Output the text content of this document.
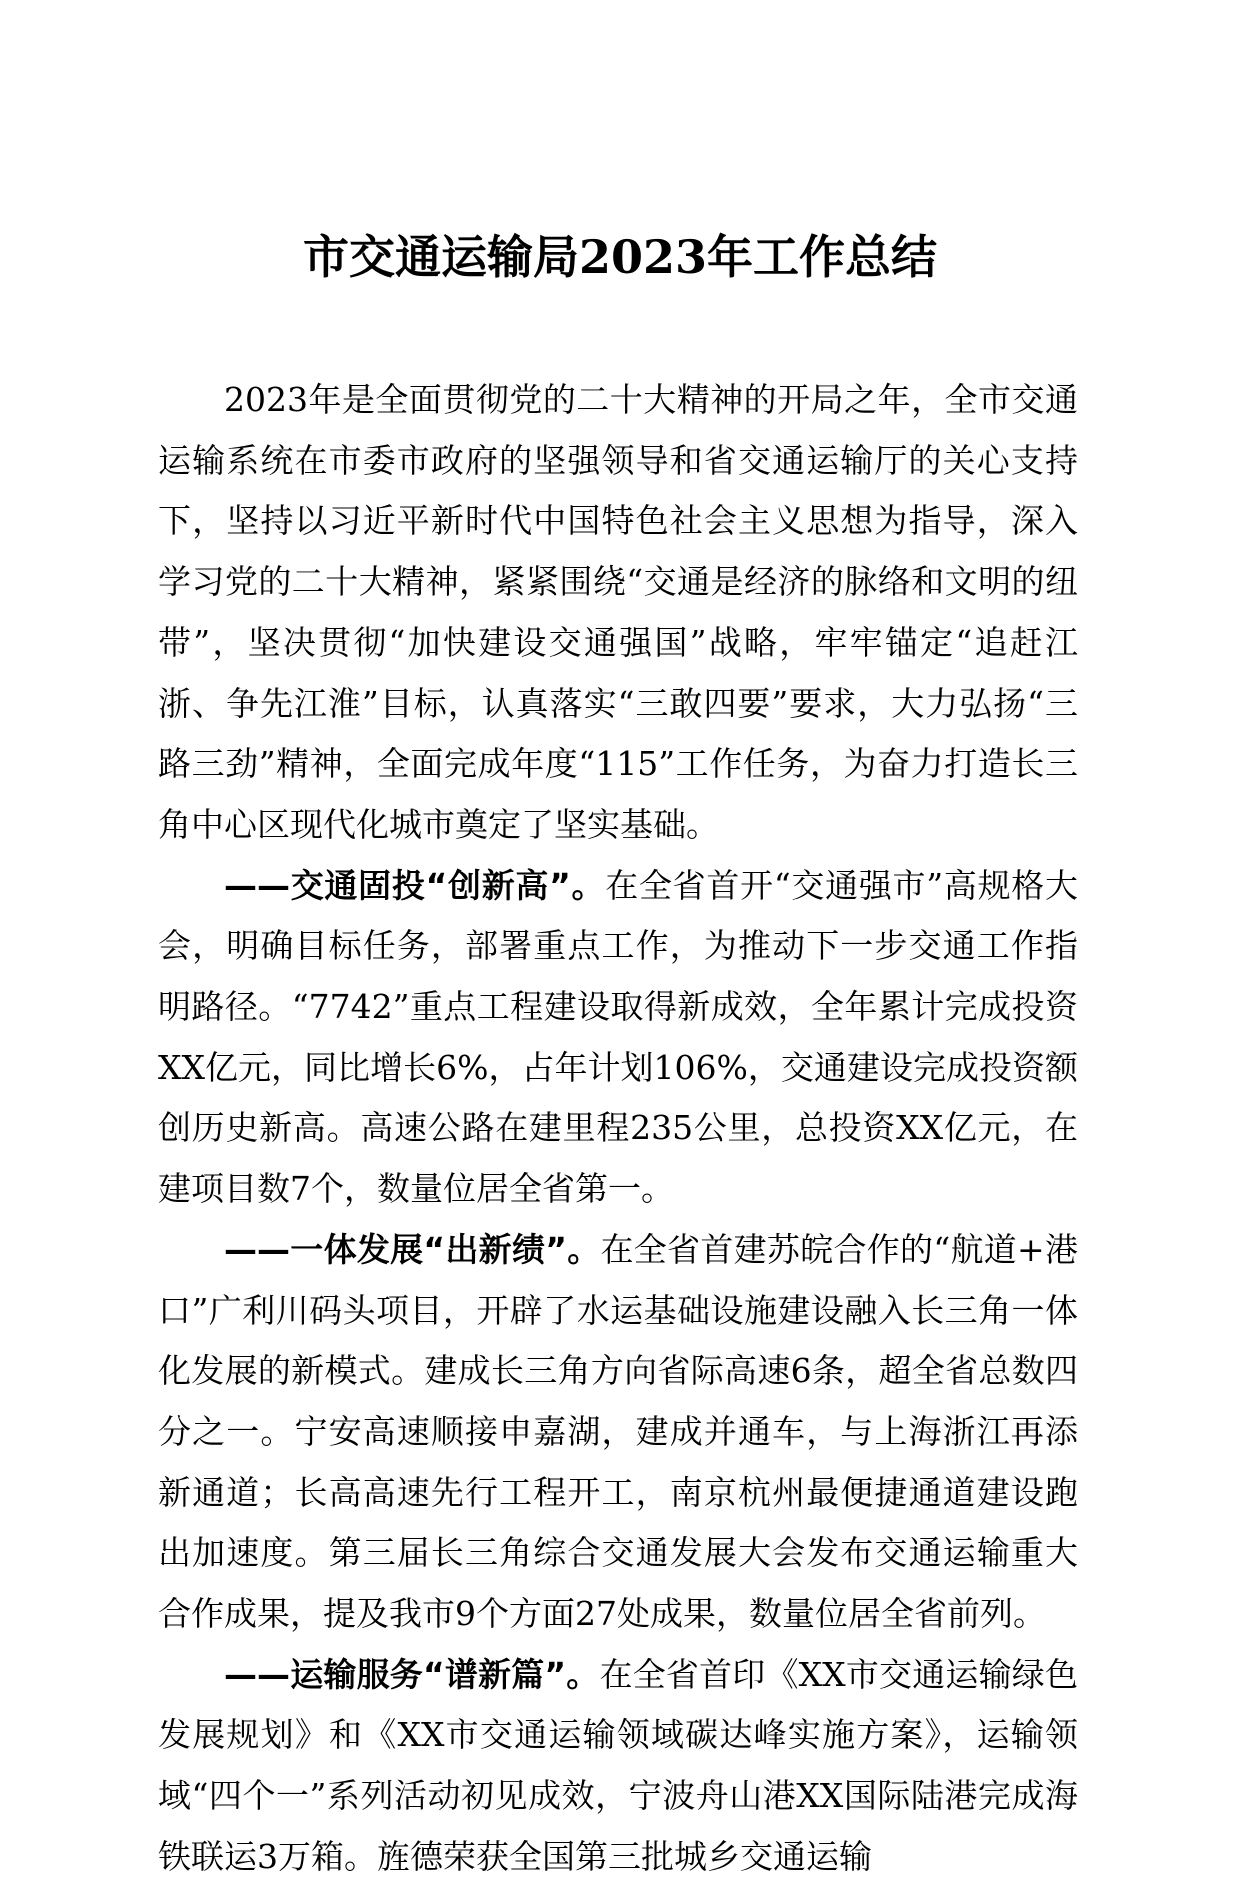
市交通运输局2023年工作总结

2023年是全面贯彻党的二十大精神的开局之年，全市交通运输系统在市委市政府的坚强领导和省交通运输厅的关心支持下，坚持以习近平新时代中国特色社会主义思想为指导，深入学习党的二十大精神，紧紧围绕“交通是经济的脉络和文明的纽带”，坚决贯彻“加快建设交通强国”战略，牢牢锚定“追赶江浙、争先江淮”目标，认真落实“三敢四要”要求，大力弘扬“三路三劲”精神，全面完成年度“115”工作任务，为奋力打造长三角中心区现代化城市奠定了坚实基础。

——交通固投“创新高”。在全省首开“交通强市”高规格大会，明确目标任务，部署重点工作，为推动下一步交通工作指明路径。“7742”重点工程建设取得新成效，全年累计完成投资XX亿元，同比增长6%，占年计划106%，交通建设完成投资额创历史新高。高速公路在建里程235公里，总投资XX亿元，在建项目数7个，数量位居全省第一。

——一体发展“出新绩”。在全省首建苏皖合作的“航道+港口”广利川码头项目，开辟了水运基础设施建设融入长三角一体化发展的新模式。建成长三角方向省际高速6条，超全省总数四分之一。宁安高速顺接申嘉湖，建成并通车，与上海浙江再添新通道；长高高速先行工程开工，南京杭州最便捷通道建设跑出加速度。第三届长三角综合交通发展大会发布交通运输重大合作成果，提及我市9个方面27处成果，数量位居全省前列。

——运输服务“谱新篇”。在全省首印《XX市交通运输绿色发展规划》和《XX市交通运输领域碳达峰实施方案》，运输领域“四个一”系列活动初见成效，宁波舟山港XX国际陆港完成海铁联运3万箱。旌德荣获全国第三批城乡交通运输
